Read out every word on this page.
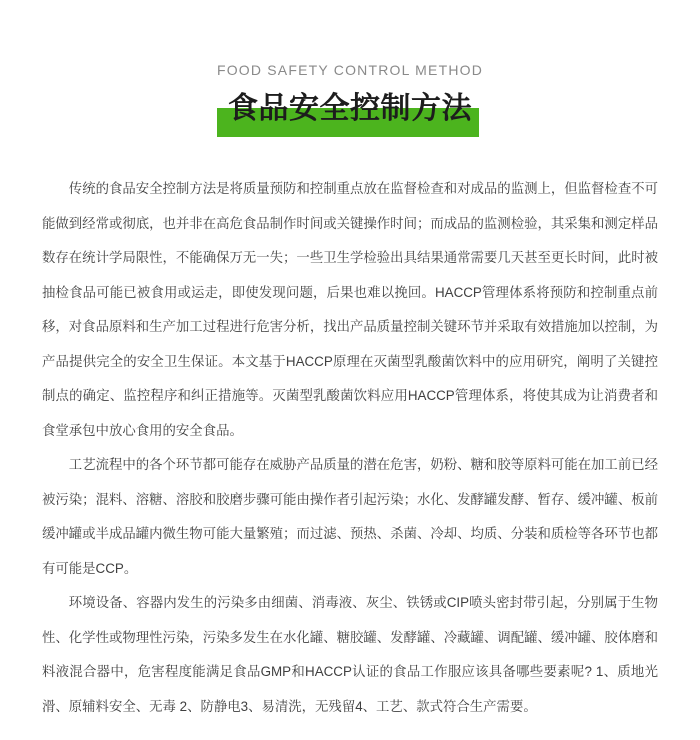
FOOD SAFETY CONTROL METHOD
食品安全控制方法

传统的食品安全控制方法是将质量预防和控制重点放在监督检查和对成品的监测上，但监督检查不可能做到经常或彻底，也并非在高危食品制作时间或关键操作时间；而成品的监测检验，其采集和测定样品数存在统计学局限性，不能确保万无一失；一些卫生学检验出具结果通常需要几天甚至更长时间，此时被抽检食品可能已被食用或运走，即使发现问题，后果也难以挽回。HACCP管理体系将预防和控制重点前移，对食品原料和生产加工过程进行危害分析，找出产品质量控制关键环节并采取有效措施加以控制，为产品提供完全的安全卫生保证。本文基于HACCP原理在灭菌型乳酸菌饮料中的应用研究，阐明了关键控制点的确定、监控程序和纠正措施等。灭菌型乳酸菌饮料应用HACCP管理体系，将使其成为让消费者和食堂承包中放心食用的安全食品。

工艺流程中的各个环节都可能存在威胁产品质量的潜在危害，奶粉、糖和胶等原料可能在加工前已经被污染；混料、溶糖、溶胶和胶磨步骤可能由操作者引起污染；水化、发酵罐发酵、暂存、缓冲罐、板前缓冲罐或半成品罐内微生物可能大量繁殖；而过滤、预热、杀菌、冷却、均质、分装和质检等各环节也都有可能是CCP。

环境设备、容器内发生的污染多由细菌、消毒液、灰尘、铁锈或CIP喷头密封带引起，分别属于生物性、化学性或物理性污染，污染多发生在水化罐、糖胶罐、发酵罐、冷藏罐、调配罐、缓冲罐、胶体磨和料液混合器中，危害程度能满足食品GMP和HACCP认证的食品工作服应该具备哪些要素呢? 1、质地光滑、原辅料安全、无毒 2、防静电3、易清洗，无残留4、工艺、款式符合生产需要。
